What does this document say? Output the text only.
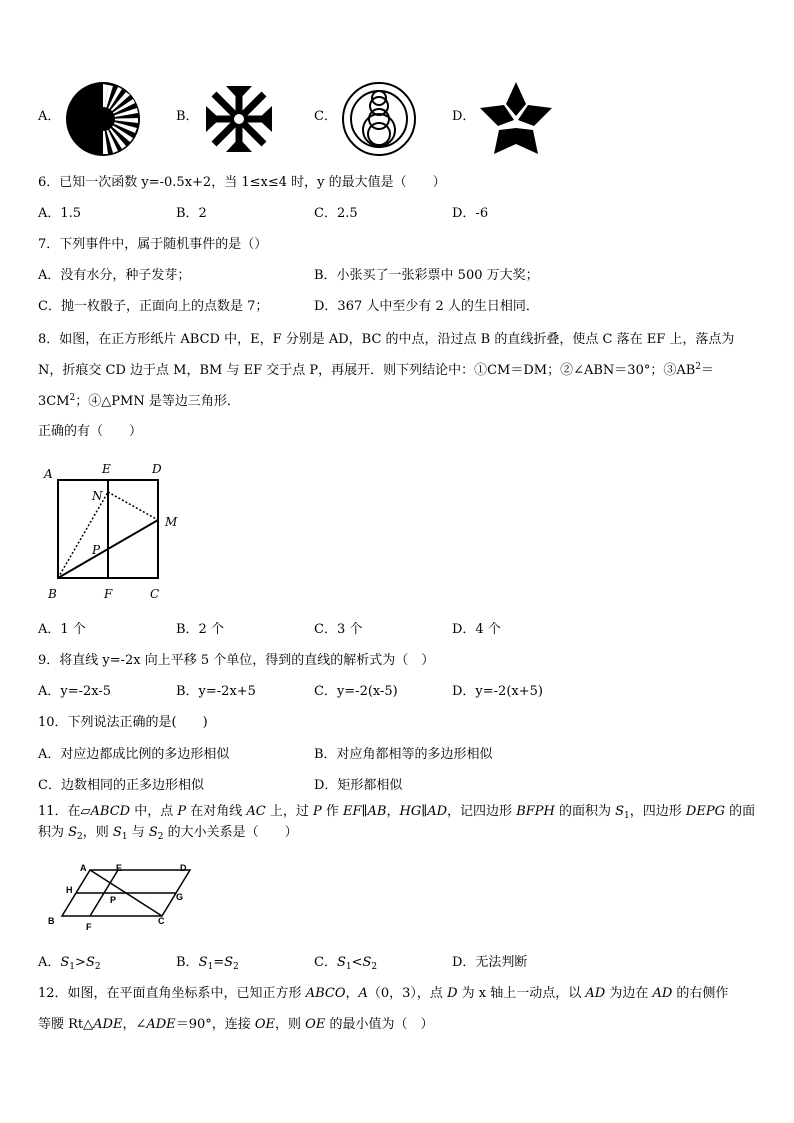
A．	B．	C．	D．
6．已知一次函数 y=-0.5x+2，当 1≤x≤4 时，y 的最大值是（　　）
A．1.5	B．2	C．2.5	D．-6
7．下列事件中，属于随机事件的是（）
A．没有水分，种子发芽；	B．小张买了一张彩票中 500 万大奖；
C．抛一枚骰子，正面向上的点数是 7；	D．367 人中至少有 2 人的生日相同．
8．如图，在正方形纸片 ABCD 中，E，F 分别是 AD，BC 的中点，沿过点 B 的直线折叠，使点 C 落在 EF 上，落点为
N，折痕交 CD 边于点 M，BM 与 EF 交于点 P，再展开．则下列结论中：①CM＝DM；②∠ABN＝30°；$③AB^2=$
$3CM^2$；④△PMN 是等边三角形．
正确的有（　　）
A	E	D
N
M
P
B	F	C
A．1 个	B．2 个	C．3 个	D．4 个
9．将直线 y=-2x 向上平移 5 个单位，得到的直线的解析式为（　）
A．y=-2x-5	B．y=-2x+5	C．y=-2(x-5)	D．y=-2(x+5)
10．下列说法正确的是(　　)
A．对应边都成比例的多边形相似	B．对应角都相等的多边形相似
C．边数相同的正多边形相似	D．矩形都相似
11．在▱ABCD 中，点 P 在对角线 AC 上，过 P 作 EF∥AB，HG∥AD，记四边形 BFPH 的面积为 $S_1$，四边形 DEPG 的面
积为 $S_2$，则 $S_1$ 与 $S_2$ 的大小关系是（　　）
A	E	D
H
P	G
B
F
C
A．$S_1>S_2$	B．$S_1=S_2$	C．$S_1<S_2$	D．无法判断
12．如图，在平面直角坐标系中，已知正方形 ABCO，A（0，3），点 D 为 x 轴上一动点，以 AD 为边在 AD 的右侧作
等腰 Rt△ADE，∠ADE＝90°，连接 OE，则 OE 的最小值为（　）
